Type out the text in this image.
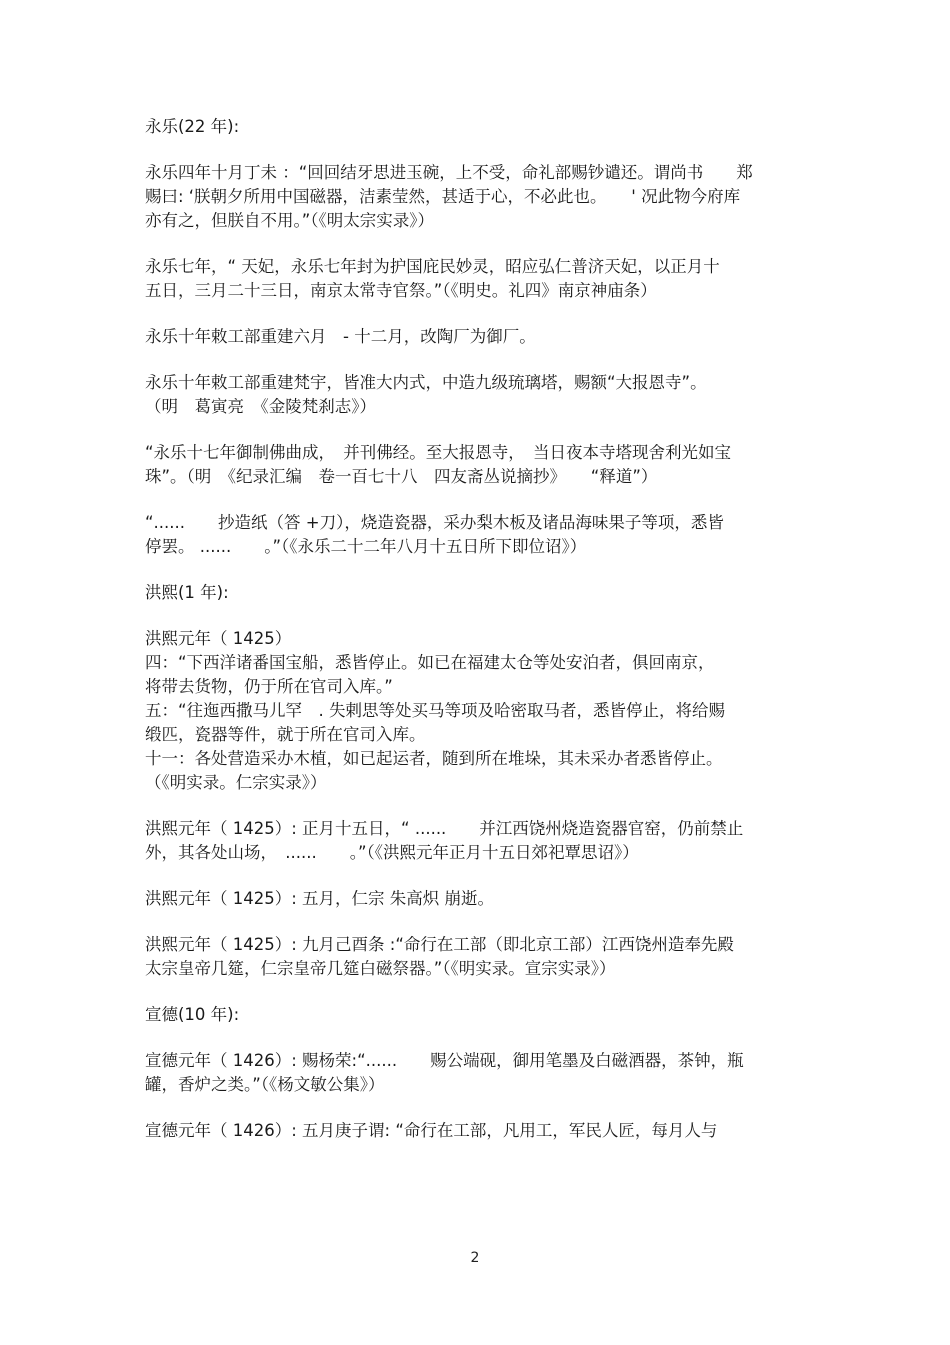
永乐(22 年):
永乐四年十月丁未 ：“回回结牙思进玉碗，上不受，命礼部赐钞谴还。谓尚书　　郑
赐曰: ‘朕朝夕所用中国磁器，洁素莹然，甚适于心，不必此也。　　' 况此物今府库
亦有之，但朕自不用。”（《明太宗实录》）
永乐七年，“ 天妃，永乐七年封为护国庇民妙灵，昭应弘仁普济天妃，以正月十
五日，三月二十三日，南京太常寺官祭。”（《明史。礼四》南京神庙条）
永乐十年敕工部重建六月　- 十二月，改陶厂为御厂。
永乐十年敕工部重建梵宇，皆准大内式，中造九级琉璃塔，赐额“大报恩寺”。
（明　葛寅亮　《金陵梵刹志》）
“永乐十七年御制佛曲成，　并刊佛经。至大报恩寺，　当日夜本寺塔现舍利光如宝
珠”。（明　《纪录汇编　卷一百七十八　四友斋丛说摘抄》　　“释道”）
“......　　抄造纸（答 +刀），烧造瓷器，采办梨木板及诸品海味果子等项，悉皆
停罢。 ......　　。”（《永乐二十二年八月十五日所下即位诏》）
洪熙(1 年):
洪熙元年（ 1425）
四：“下西洋诸番国宝船，悉皆停止。如已在福建太仓等处安泊者，俱回南京，
将带去货物，仍于所在官司入库。”
五：“往迤西撒马儿罕　. 失剌思等处买马等项及哈密取马者，悉皆停止，将给赐
缎匹，瓷器等件，就于所在官司入库。
十一：各处营造采办木植，如已起运者，随到所在堆垛，其未采办者悉皆停止。
（《明实录。仁宗实录》）
洪熙元年（ 1425）: 正月十五日，“ ......　　并江西饶州烧造瓷器官窑，仍前禁止
外，其各处山场，　......　　。”（《洪熙元年正月十五日郊祀覃思诏》）
洪熙元年（ 1425）: 五月，仁宗 朱高炽 崩逝。
洪熙元年（ 1425）: 九月己酉条 :“命行在工部（即北京工部）江西饶州造奉先殿
太宗皇帝几筵，仁宗皇帝几筵白磁祭器。”（《明实录。宣宗实录》）
宣德(10 年):
宣德元年（ 1426）: 赐杨荣:“......　　赐公端砚，御用笔墨及白磁酒器，茶钟，瓶
罐，香炉之类。”（《杨文敏公集》）
宣德元年（ 1426）: 五月庚子谓: “命行在工部，凡用工，军民人匠，每月人与
2
